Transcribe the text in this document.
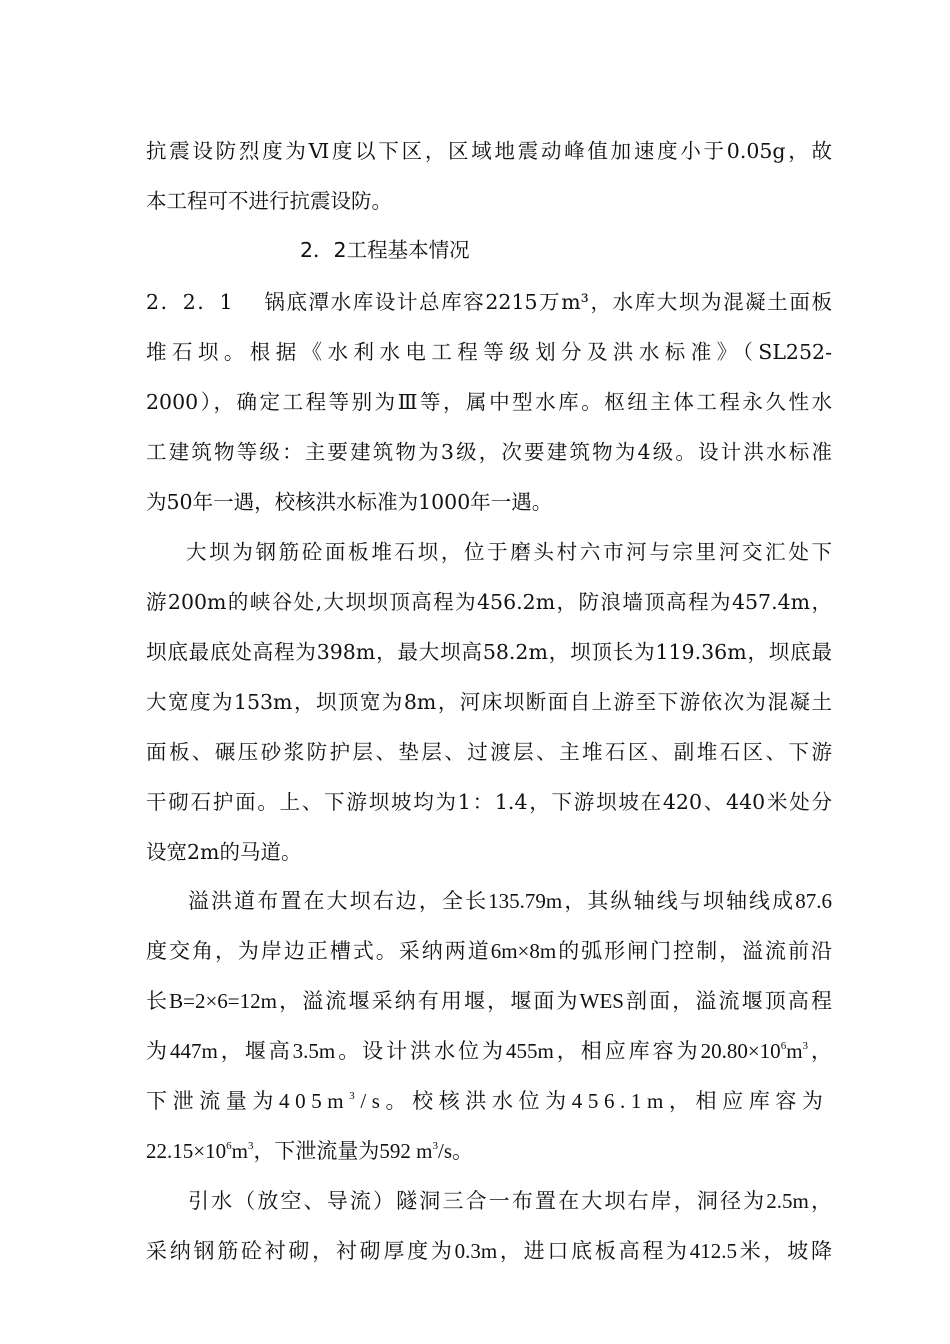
抗震设防烈度为Ⅵ度以下区，区域地震动峰值加速度小于0.05g，故
本工程可不进行抗震设防。
2．2工程基本情况
2．2．1　 锅底潭水库设计总库容2215万m³，水库大坝为混凝土面板
堆石坝。根据《水利水电工程等级划分及洪水标准》（SL252-
2000），确定工程等别为Ⅲ等，属中型水库。枢纽主体工程永久性水
工建筑物等级：主要建筑物为3级，次要建筑物为4级。设计洪水标准
为50年一遇，校核洪水标准为1000年一遇。
大坝为钢筋砼面板堆石坝，位于磨头村六市河与宗里河交汇处下
游200m的峡谷处,大坝坝顶高程为456.2m，防浪墙顶高程为457.4m，
坝底最底处高程为398m，最大坝高58.2m，坝顶长为119.36m，坝底最
大宽度为153m，坝顶宽为8m，河床坝断面自上游至下游依次为混凝土
面板、碾压砂浆防护层、垫层、过渡层、主堆石区、副堆石区、下游
干砌石护面。上、下游坝坡均为1：1.4，下游坝坡在420、440米处分
设宽2m的马道。
溢洪道布置在大坝右边，全长135.79m，其纵轴线与坝轴线成87.6
度交角，为岸边正槽式。采纳两道6m×8m的弧形闸门控制，溢流前沿
长B=2×6=12m，溢流堰采纳有用堰，堰面为WES剖面，溢流堰顶高程
为447m，堰高3.5m。设计洪水位为455m，相应库容为$20.80\times 10^6m^3$，
下泄流量为$405m^3/s$。校核洪水位为456.1m，相应库容为
$22.15\times 10^6m^3$，下泄流量为592 $m^3/s$。
引水（放空、导流）隧洞三合一布置在大坝右岸，洞径为2.5m，
采纳钢筋砼衬砌，衬砌厚度为0.3m，进口底板高程为412.5米，坡降
